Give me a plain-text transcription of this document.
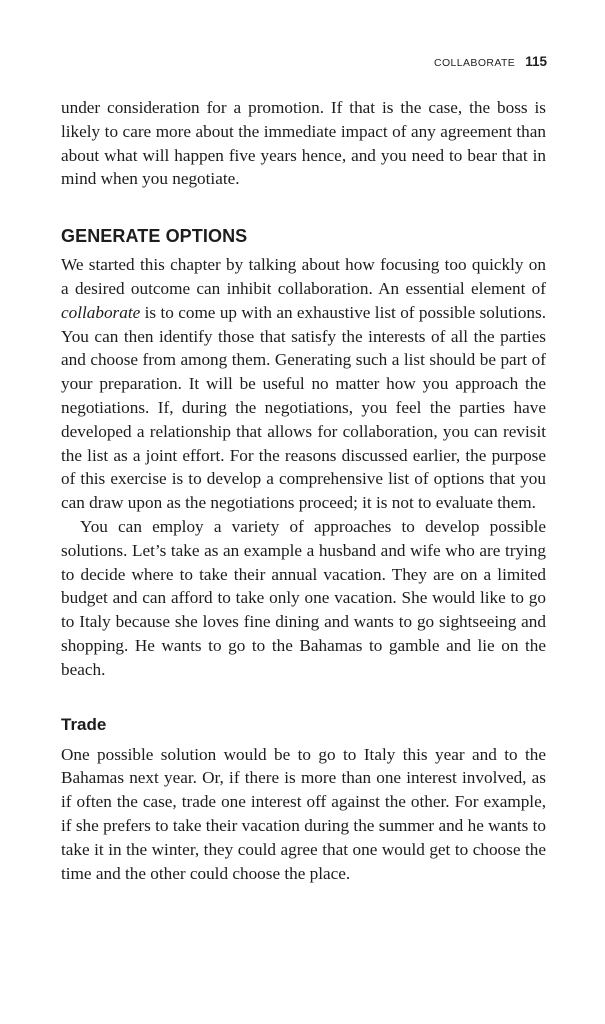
COLLABORATE 115

under consideration for a promotion. If that is the case, the boss is likely to care more about the immediate impact of any agreement than about what will happen five years hence, and you need to bear that in mind when you negotiate.

GENERATE OPTIONS

We started this chapter by talking about how focusing too quickly on a desired outcome can inhibit collaboration. An essential element of collaborate is to come up with an exhaustive list of possible solutions. You can then identify those that satisfy the interests of all the parties and choose from among them. Generating such a list should be part of your preparation. It will be useful no matter how you approach the negotiations. If, during the negotiations, you feel the parties have developed a relationship that allows for collaboration, you can revisit the list as a joint effort. For the reasons discussed earlier, the purpose of this exercise is to develop a comprehensive list of options that you can draw upon as the negotiations proceed; it is not to evaluate them.

You can employ a variety of approaches to develop possible solutions. Let’s take as an example a husband and wife who are trying to decide where to take their annual vacation. They are on a limited budget and can afford to take only one vacation. She would like to go to Italy because she loves fine dining and wants to go sightseeing and shopping. He wants to go to the Bahamas to gamble and lie on the beach.

Trade

One possible solution would be to go to Italy this year and to the Bahamas next year. Or, if there is more than one interest involved, as if often the case, trade one interest off against the other. For example, if she prefers to take their vacation during the summer and he wants to take it in the winter, they could agree that one would get to choose the time and the other could choose the place.
